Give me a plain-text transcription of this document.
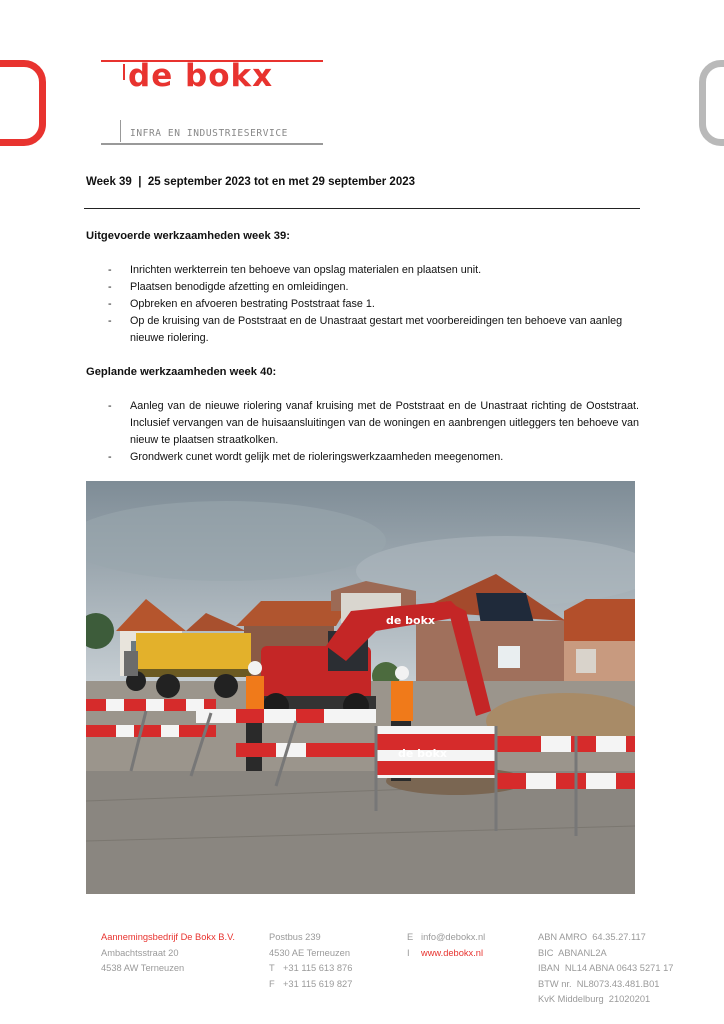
de bokx
INFRA EN INDUSTRIESERVICE
Week 39  |  25 september 2023 tot en met 29 september 2023
Uitgevoerde werkzaamheden week 39:
- Inrichten werkterrein ten behoeve van opslag materialen en plaatsen unit.
- Plaatsen benodigde afzetting en omleidingen.
- Opbreken en afvoeren bestrating Poststraat fase 1.
- Op de kruising van de Poststraat en de Unastraat gestart met voorbereidingen ten behoeve van aanleg nieuwe riolering.
Geplande werkzaamheden week 40:
- Aanleg van de nieuwe riolering vanaf kruising met de Poststraat en de Unastraat richting de Ooststraat. Inclusief vervangen van de huisaansluitingen van de woningen en aanbrengen uitleggers ten behoeve van nieuw te plaatsen straatkolken.
- Grondwerk cunet wordt gelijk met de rioleringswerkzaamheden meegenomen.
de bokx
de bokx
Aannemingsbedrijf De Bokx B.V.
Ambachtsstraat 20
4538 AW Terneuzen
Postbus 239
4530 AE Terneuzen
T +31 115 613 876
F +31 115 619 827
E info@debokx.nl
I www.debokx.nl
ABN AMRO  64.35.27.117
BIC  ABNANL2A
IBAN  NL14 ABNA 0643 5271 17
BTW nr.  NL8073.43.481.B01
KvK Middelburg  21020201
